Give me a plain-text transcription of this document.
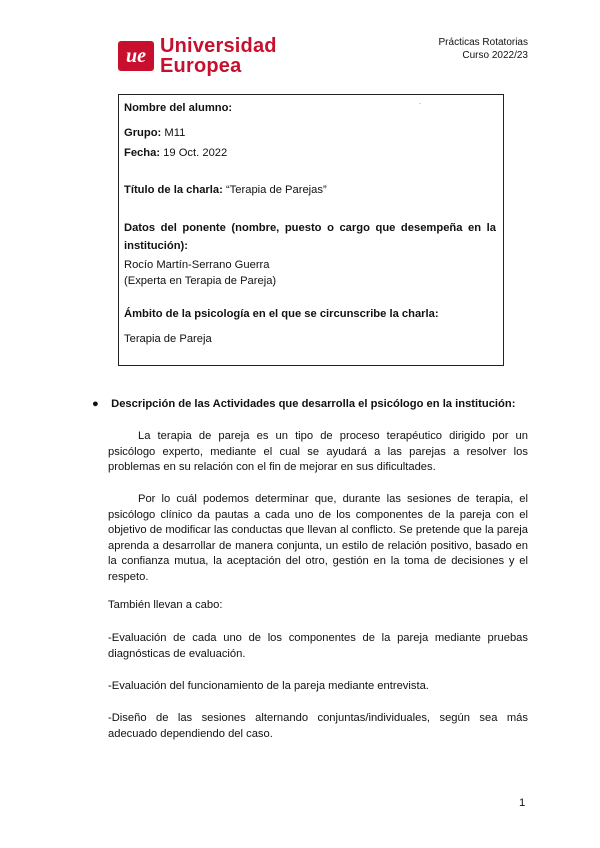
ue Universidad
Europea
Prácticas Rotatorias
Curso 2022/23
·
Nombre del alumno:
Grupo: M11
Fecha: 19 Oct. 2022
Título de la charla: “Terapia de Parejas”
Datos del ponente (nombre, puesto o cargo que desempeña en la
institución):
Rocío Martín-Serrano Guerra
(Experta en Terapia de Pareja)
Ámbito de la psicología en el que se circunscribe la charla:
Terapia de Pareja
● Descripción de las Actividades que desarrolla el psicólogo en la institución:
La terapia de pareja es un tipo de proceso terapéutico dirigido por un psicólogo experto, mediante el cual se ayudará a las parejas a resolver los problemas en su relación con el fin de mejorar en sus dificultades.
Por lo cuál podemos determinar que, durante las sesiones de terapia, el psicólogo clínico da pautas a cada uno de los componentes de la pareja con el objetivo de modificar las conductas que llevan al conflicto. Se pretende que la pareja aprenda a desarrollar de manera conjunta, un estilo de relación positivo, basado en la confianza mutua, la aceptación del otro, gestión en la toma de decisiones y el respeto.
También llevan a cabo:
-Evaluación de cada uno de los componentes de la pareja mediante pruebas diagnósticas de evaluación.
-Evaluación del funcionamiento de la pareja mediante entrevista.
-Diseño de las sesiones alternando conjuntas/individuales, según sea más adecuado dependiendo del caso.
1
